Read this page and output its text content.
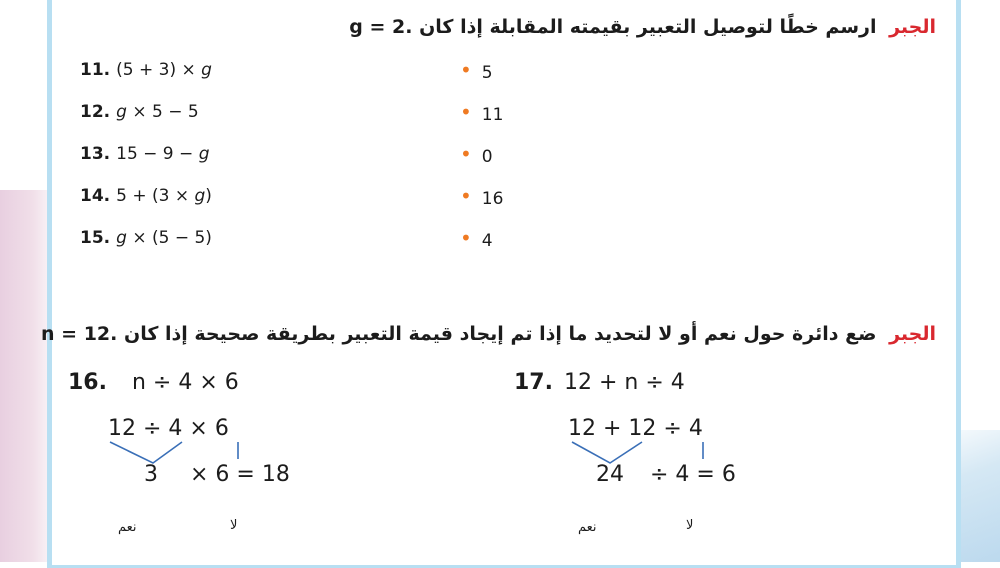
الجبر ارسم خطًا لتوصيل التعبير بقيمته المقابلة إذا كان g = 2.
11. (5 + 3) × g
12. g × 5 − 5
13. 15 − 9 − g
14. 5 + (3 × g)
15. g × (5 − 5)
• 5
• 11
• 0
• 16
• 4
الجبر ضع دائرة حول نعم أو لا لتحديد ما إذا تم إيجاد قيمة التعبير بطريقة صحيحة إذا كان n = 12.
16. n ÷ 4 × 6
12 ÷ 4 × 6
3 × 6 = 18
نعم	لا
17. 12 + n ÷ 4
12 + 12 ÷ 4
24 ÷ 4 = 6
نعم	لا
